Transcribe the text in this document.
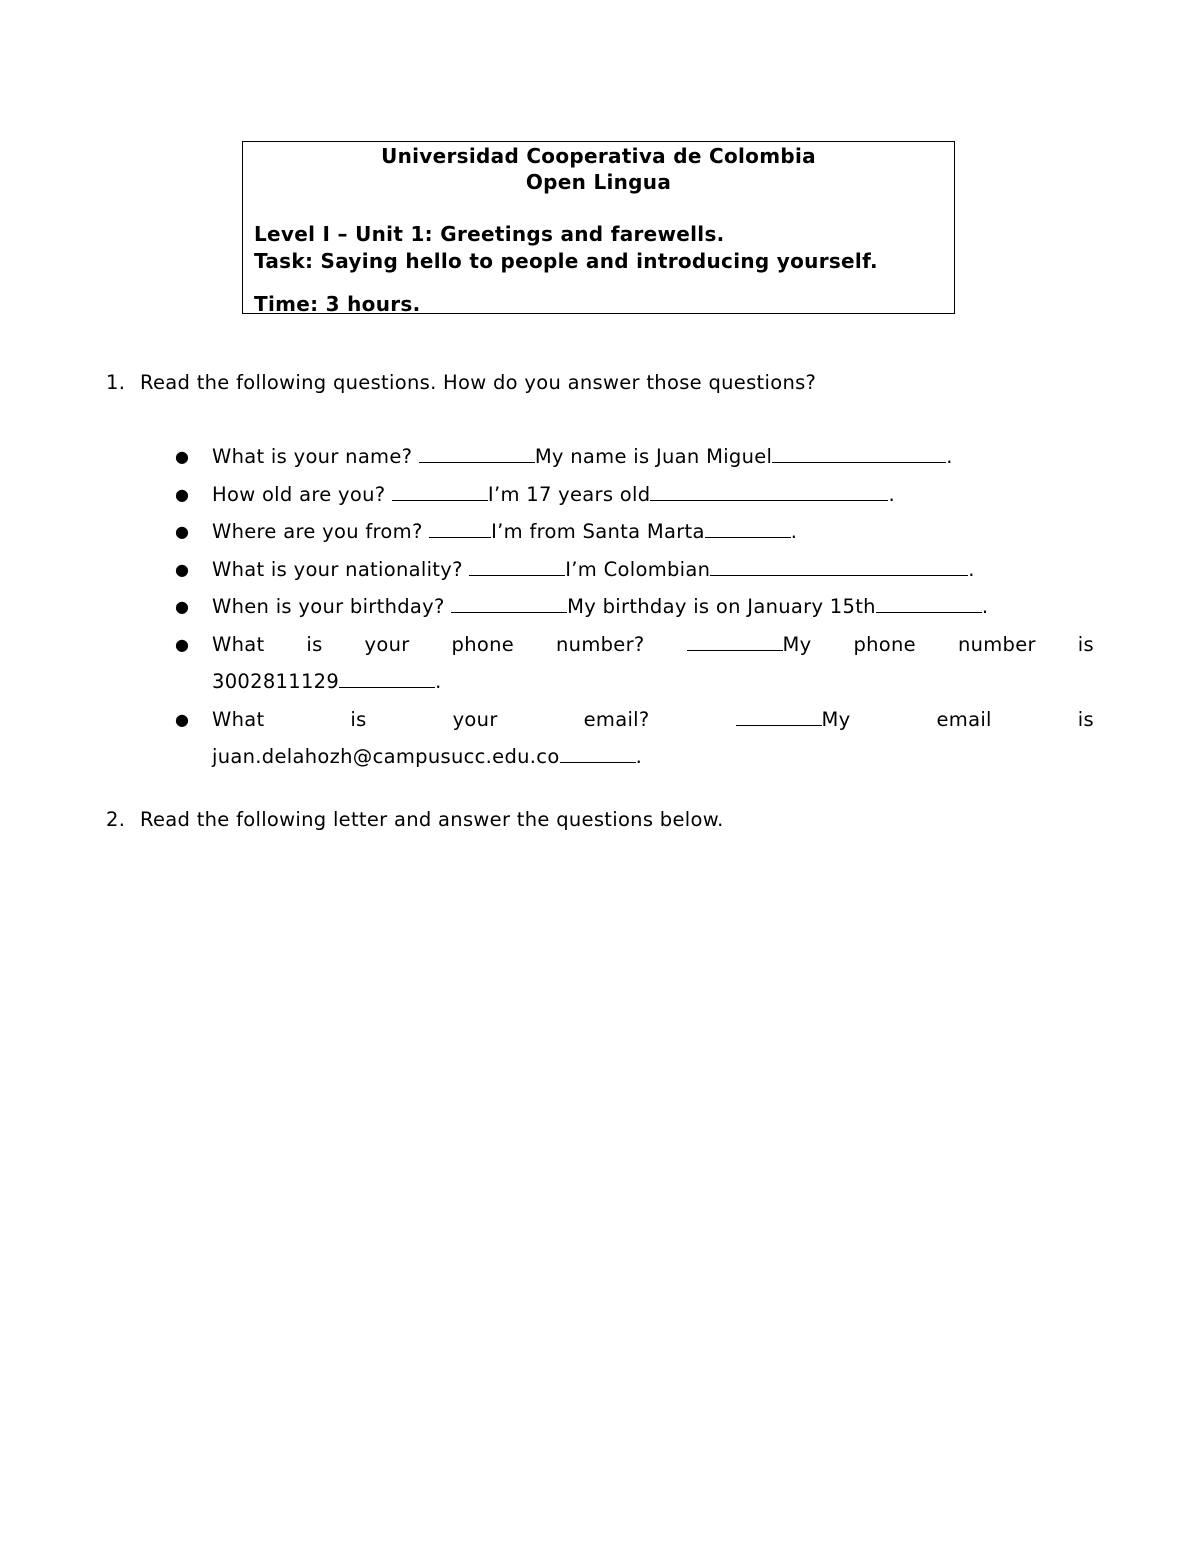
Universidad Cooperativa de Colombia
Open Lingua
Level I – Unit 1: Greetings and farewells.
Task: Saying hello to people and introducing yourself.
Time: 3 hours.
1. Read the following questions. How do you answer those questions?
● What is your name?	My name is Juan Miguel	.
● How old are you?	I’m 17 years old	.
● Where are you from?	I’m from Santa Marta	.
● What is your nationality?	I’m Colombian	.
● When is your birthday?	My birthday is on January 15th	.
● What is your phone number?	My phone number is
3002811129	.
● What	is	your	email?	My	email	is
juan.delahozh@campusucc.edu.co	.
2. Read the following letter and answer the questions below.
